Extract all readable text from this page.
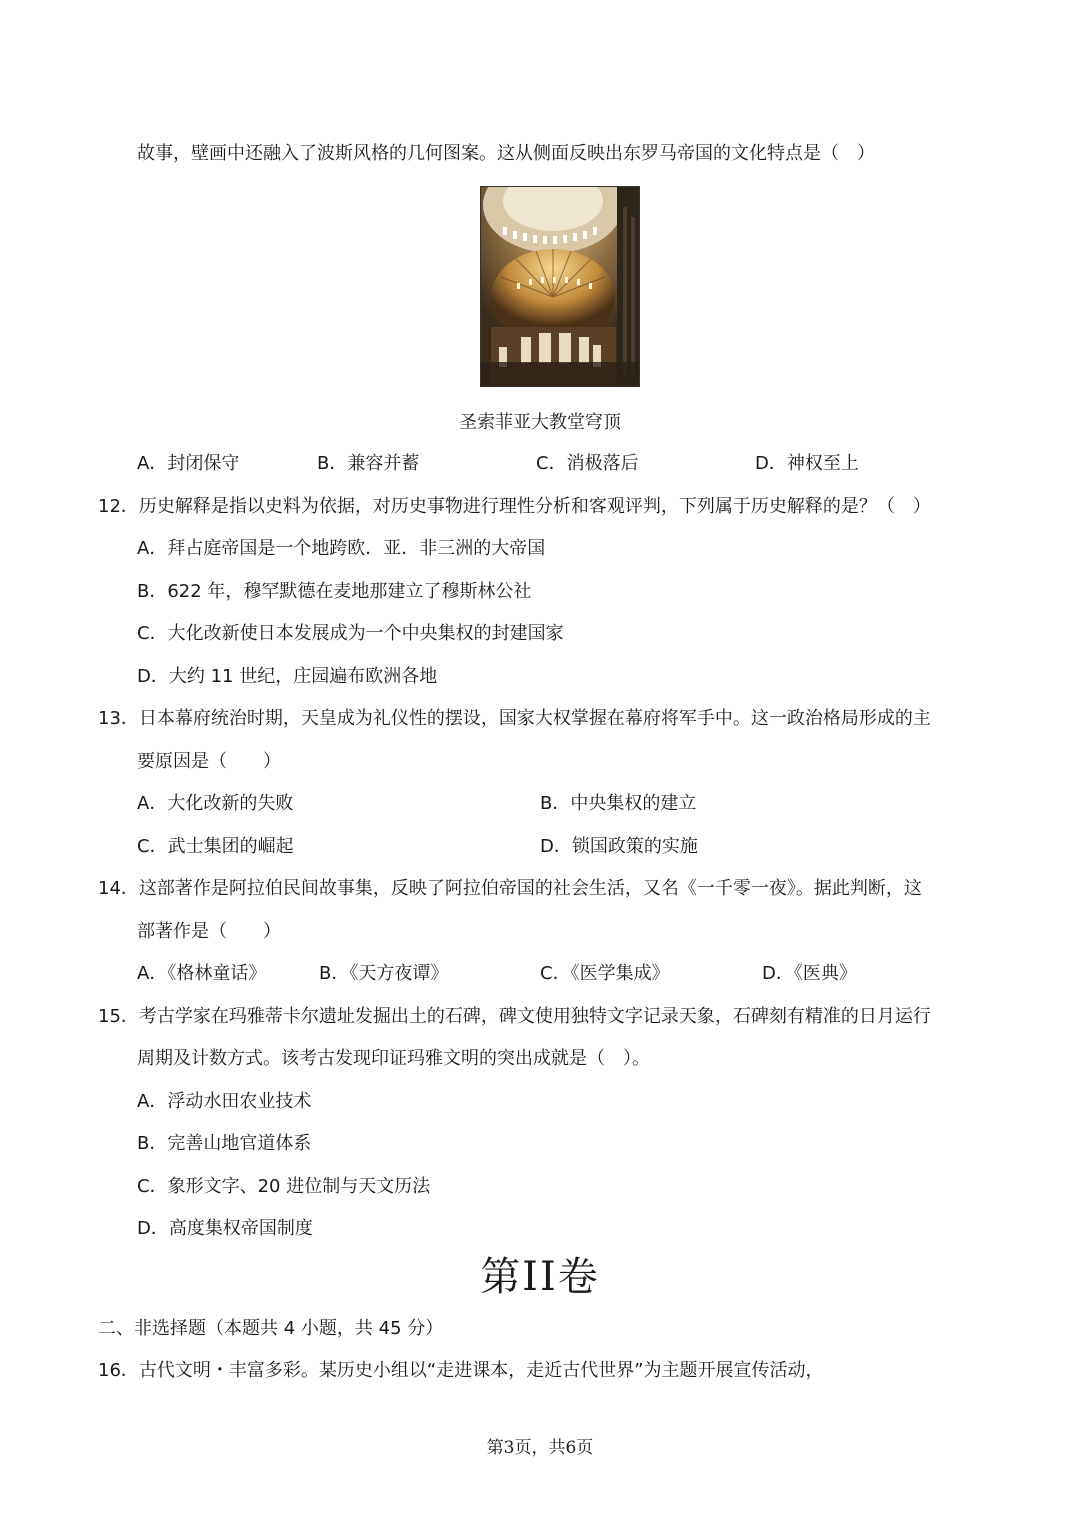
故事，壁画中还融入了波斯风格的几何图案。这从侧面反映出东罗马帝国的文化特点是（　）
圣索菲亚大教堂穹顶
A．封闭保守	B．兼容并蓄	C．消极落后	D．神权至上
12．历史解释是指以史料为依据，对历史事物进行理性分析和客观评判，下列属于历史解释的是？（　）
A．拜占庭帝国是一个地跨欧．亚．非三洲的大帝国
B．622 年，穆罕默德在麦地那建立了穆斯林公社
C．大化改新使日本发展成为一个中央集权的封建国家
D．大约 11 世纪，庄园遍布欧洲各地
13．日本幕府统治时期，天皇成为礼仪性的摆设，国家大权掌握在幕府将军手中。这一政治格局形成的主
要原因是（　　）
A．大化改新的失败	B．中央集权的建立
C．武士集团的崛起	D．锁国政策的实施
14．这部著作是阿拉伯民间故事集，反映了阿拉伯帝国的社会生活，又名《一千零一夜》。据此判断，这
部著作是（　　）
A．《格林童话》	B．《天方夜谭》	C．《医学集成》	D．《医典》
15．考古学家在玛雅蒂卡尔遗址发掘出土的石碑，碑文使用独特文字记录天象，石碑刻有精准的日月运行
周期及计数方式。该考古发现印证玛雅文明的突出成就是（　）。
A．浮动水田农业技术
B．完善山地官道体系
C．象形文字、20 进位制与天文历法
D．高度集权帝国制度
第II卷
二、非选择题（本题共 4 小题，共 45 分）
16．古代文明・丰富多彩。某历史小组以“走进课本，走近古代世界”为主题开展宣传活动，
第3页，共6页
